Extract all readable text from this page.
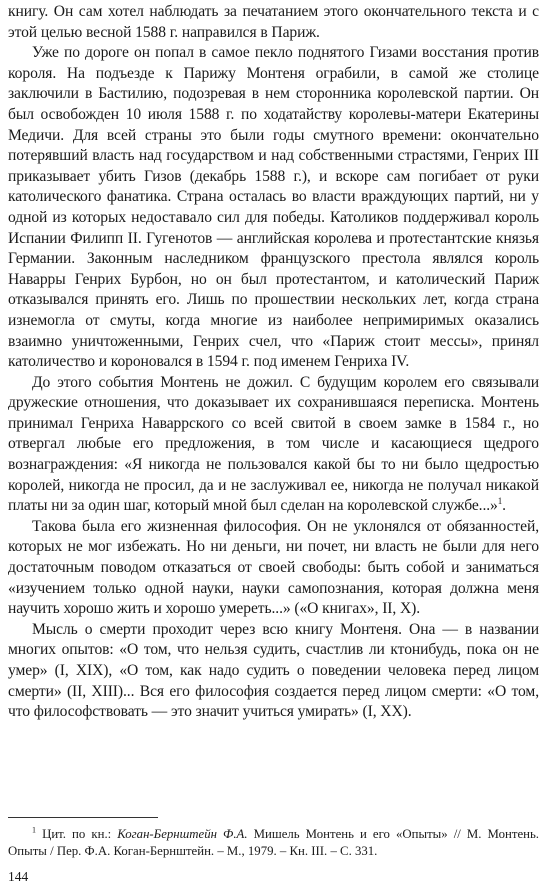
книгу. Он сам хотел наблюдать за печатанием этого окончательного текста и с этой целью весной 1588 г. направился в Париж.

Уже по дороге он попал в самое пекло поднятого Гизами восстания против короля. На подъезде к Парижу Монтеня ограбили, в самой же столице заключили в Бастилию, подозревая в нем сторонника королевской партии. Он был освобожден 10 июля 1588 г. по ходатайству королевы-матери Екатерины Медичи. Для всей страны это были годы смутного времени: окончательно потерявший власть над государством и над собственными страстями, Генрих III приказывает убить Гизов (декабрь 1588 г.), и вскоре сам погибает от руки католического фанатика. Страна осталась во власти враждующих партий, ни у одной из которых недоставало сил для победы. Католиков поддерживал король Испании Филипп II. Гугенотов — английская королева и протестантские князья Германии. Законным наследником французского престола являлся король Наварры Генрих Бурбон, но он был протестантом, и католический Париж отказывался принять его. Лишь по прошествии нескольких лет, когда страна изнемогла от смуты, когда многие из наиболее непримиримых оказались взаимно уничтоженными, Генрих счел, что «Париж стоит мессы», принял католичество и короновался в 1594 г. под именем Генриха IV.

До этого события Монтень не дожил. С будущим королем его связывали дружеские отношения, что доказывает их сохранившаяся переписка. Монтень принимал Генриха Наваррского со всей свитой в своем замке в 1584 г., но отвергал любые его предложения, в том числе и касающиеся щедрого вознаграждения: «Я никогда не пользовался какой бы то ни было щедростью королей, никогда не просил, да и не заслуживал ее, никогда не получал никакой платы ни за один шаг, который мной был сделан на королевской службе...»$^1$.

Такова была его жизненная философия. Он не уклонялся от обязанностей, которых не мог избежать. Но ни деньги, ни почет, ни власть не были для него достаточным поводом отказаться от своей свободы: быть собой и заниматься «изучением только одной науки, науки самопознания, которая должна меня научить хорошо жить и хорошо умереть...» («О книгах», II, X).

Мысль о смерти проходит через всю книгу Монтеня. Она — в названии многих опытов: «О том, что нельзя судить, счастлив ли ктонибудь, пока он не умер» (I, XIX), «О том, как надо судить о поведении человека перед лицом смерти» (II, XIII)... Вся его философия создается перед лицом смерти: «О том, что философствовать — это значит учиться умирать» (I, XX).

$^1$ Цит. по кн.: Коган-Бернштейн Ф.А. Мишель Монтень и его «Опыты» // М. Монтень. Опыты / Пер. Ф.А. Коган-Бернштейн. – М., 1979. – Кн. III. – С. 331.

144
